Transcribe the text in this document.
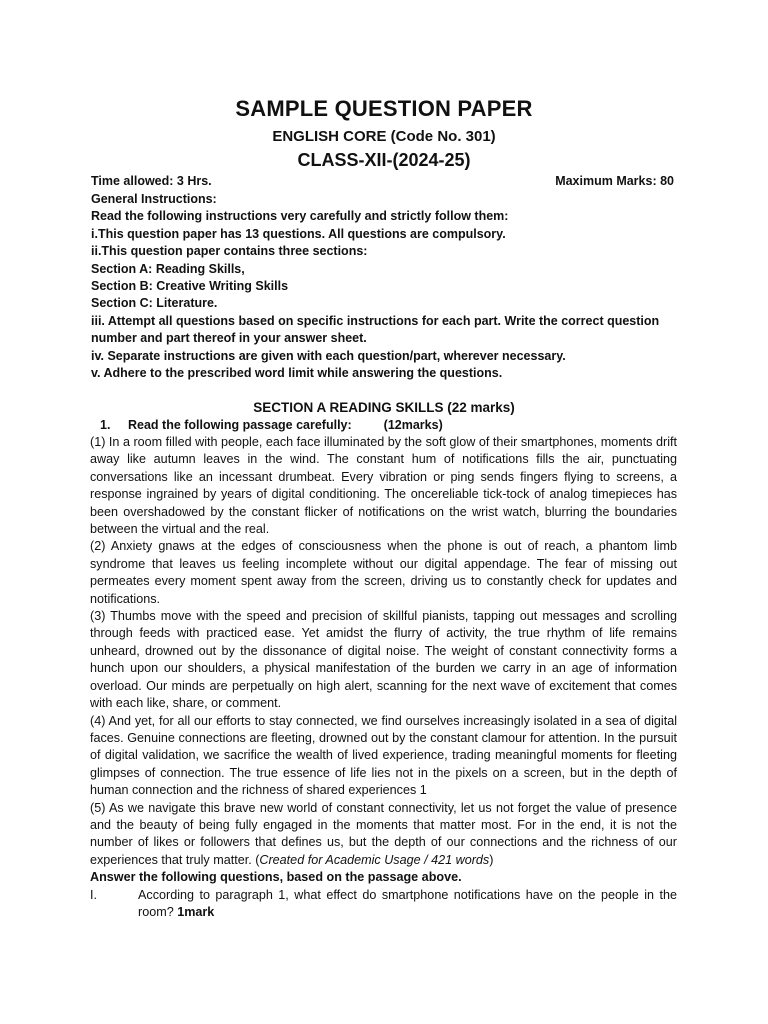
SAMPLE QUESTION PAPER
ENGLISH CORE (Code No. 301)
CLASS-XII-(2024-25)
Time allowed: 3 Hrs.	Maximum Marks: 80
General Instructions:
Read the following instructions very carefully and strictly follow them:
i.This question paper has 13 questions. All questions are compulsory.
ii.This question paper contains three sections:
Section A: Reading Skills,
Section B: Creative Writing Skills
Section C: Literature.
iii. Attempt all questions based on specific instructions for each part. Write the correct question number and part thereof in your answer sheet.
iv. Separate instructions are given with each question/part, wherever necessary.
v. Adhere to the prescribed word limit while answering the questions.
SECTION A READING SKILLS (22 marks)
1.	Read the following passage carefully:	(12marks)

(1) In a room filled with people, each face illuminated by the soft glow of their smartphones, moments drift away like autumn leaves in the wind. The constant hum of notifications fills the air, punctuating conversations like an incessant drumbeat. Every vibration or ping sends fingers flying to screens, a response ingrained by years of digital conditioning. The oncereliable tick-tock of analog timepieces has been overshadowed by the constant flicker of notifications on the wrist watch, blurring the boundaries between the virtual and the real.

(2) Anxiety gnaws at the edges of consciousness when the phone is out of reach, a phantom limb syndrome that leaves us feeling incomplete without our digital appendage. The fear of missing out permeates every moment spent away from the screen, driving us to constantly check for updates and notifications.

(3) Thumbs move with the speed and precision of skillful pianists, tapping out messages and scrolling through feeds with practiced ease. Yet amidst the flurry of activity, the true rhythm of life remains unheard, drowned out by the dissonance of digital noise. The weight of constant connectivity forms a hunch upon our shoulders, a physical manifestation of the burden we carry in an age of information overload. Our minds are perpetually on high alert, scanning for the next wave of excitement that comes with each like, share, or comment.

(4) And yet, for all our efforts to stay connected, we find ourselves increasingly isolated in a sea of digital faces. Genuine connections are fleeting, drowned out by the constant clamour for attention. In the pursuit of digital validation, we sacrifice the wealth of lived experience, trading meaningful moments for fleeting glimpses of connection. The true essence of life lies not in the pixels on a screen, but in the depth of human connection and the richness of shared experiences 1

(5) As we navigate this brave new world of constant connectivity, let us not forget the value of presence and the beauty of being fully engaged in the moments that matter most. For in the end, it is not the number of likes or followers that defines us, but the depth of our connections and the richness of our experiences that truly matter. (Created for Academic Usage / 421 words)

Answer the following questions, based on the passage above.

I.	According to paragraph 1, what effect do smartphone notifications have on the people in the room? 1mark
